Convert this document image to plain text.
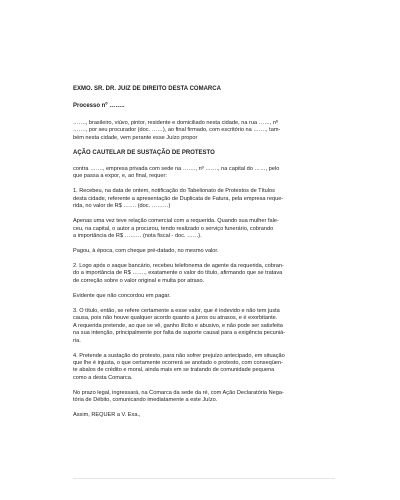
EXMO. SR. DR. JUIZ DE DIREITO DESTA COMARCA

Processo nº ……..

……., brasileiro, viúvo, pintor, residente e domiciliado nesta cidade, na rua ……, nº
……., por seu procurador (doc. ……), ao final firmado, com escritório na ……., tam-
bém nesta cidade, vem perante esse Juízo propor

AÇÃO CAUTELAR DE SUSTAÇÃO DE PROTESTO

contra ……., empresa privada com sede na ……., nº ……., na capital do ……, pelo
que passa a expor, e, ao final, requer:

1. Recebeu, na data de ontem, notificação do Tabelionato de Protestos de Títulos
desta cidade, referente a apresentação de Duplicata de Fatura, pela empresa reque-
rida, no valor de R$ ……. (doc. ………)

Apenas uma vez teve relação comercial com a requerida. Quando sua mulher fale-
ceu, na capital, o autor a procurou, tendo realizado o serviço funerário, cobrando
a importância de R$ ……… (nota fiscal - doc. ……).

Pagou, à época, com cheque pré-datado, no mesmo valor.

2. Logo após o saque bancário, recebeu telefonema de agente da requerida, cobran-
do a importância de R$ ……., exatamente o valor do título, afirmando que se tratava
de correção sobre o valor original e multa por atraso.

Evidente que não concordou em pagar.

3. O título, então, se refere certamente a esse valor, que é indevido e não tem justa
causa, pois não houve qualquer acordo quanto a juros ou atrasos, e é exorbitante.
A requerida pretende, ao que se vê, ganho ilícito e abusivo, e não pode ser satisfeita
na sua intenção, principalmente por falta de suporte causal para a exigência pecuniá-
ria.

4. Pretende a sustação do protesto, para não sofrer prejuízo antecipado, em situação
que lhe é injusta, o que certamente ocorrerá se anotado o protesto, com conseqüen-
te abalos de crédito e moral, ainda mais em se tratando de comunidade pequena
como a desta Comarca.

No prazo legal, ingressará, na Comarca da sede da ré, com Ação Declaratória Nega-
tória de Débito, comunicando imediatamente a este Juízo.

Assim, REQUER a V. Exa.,
